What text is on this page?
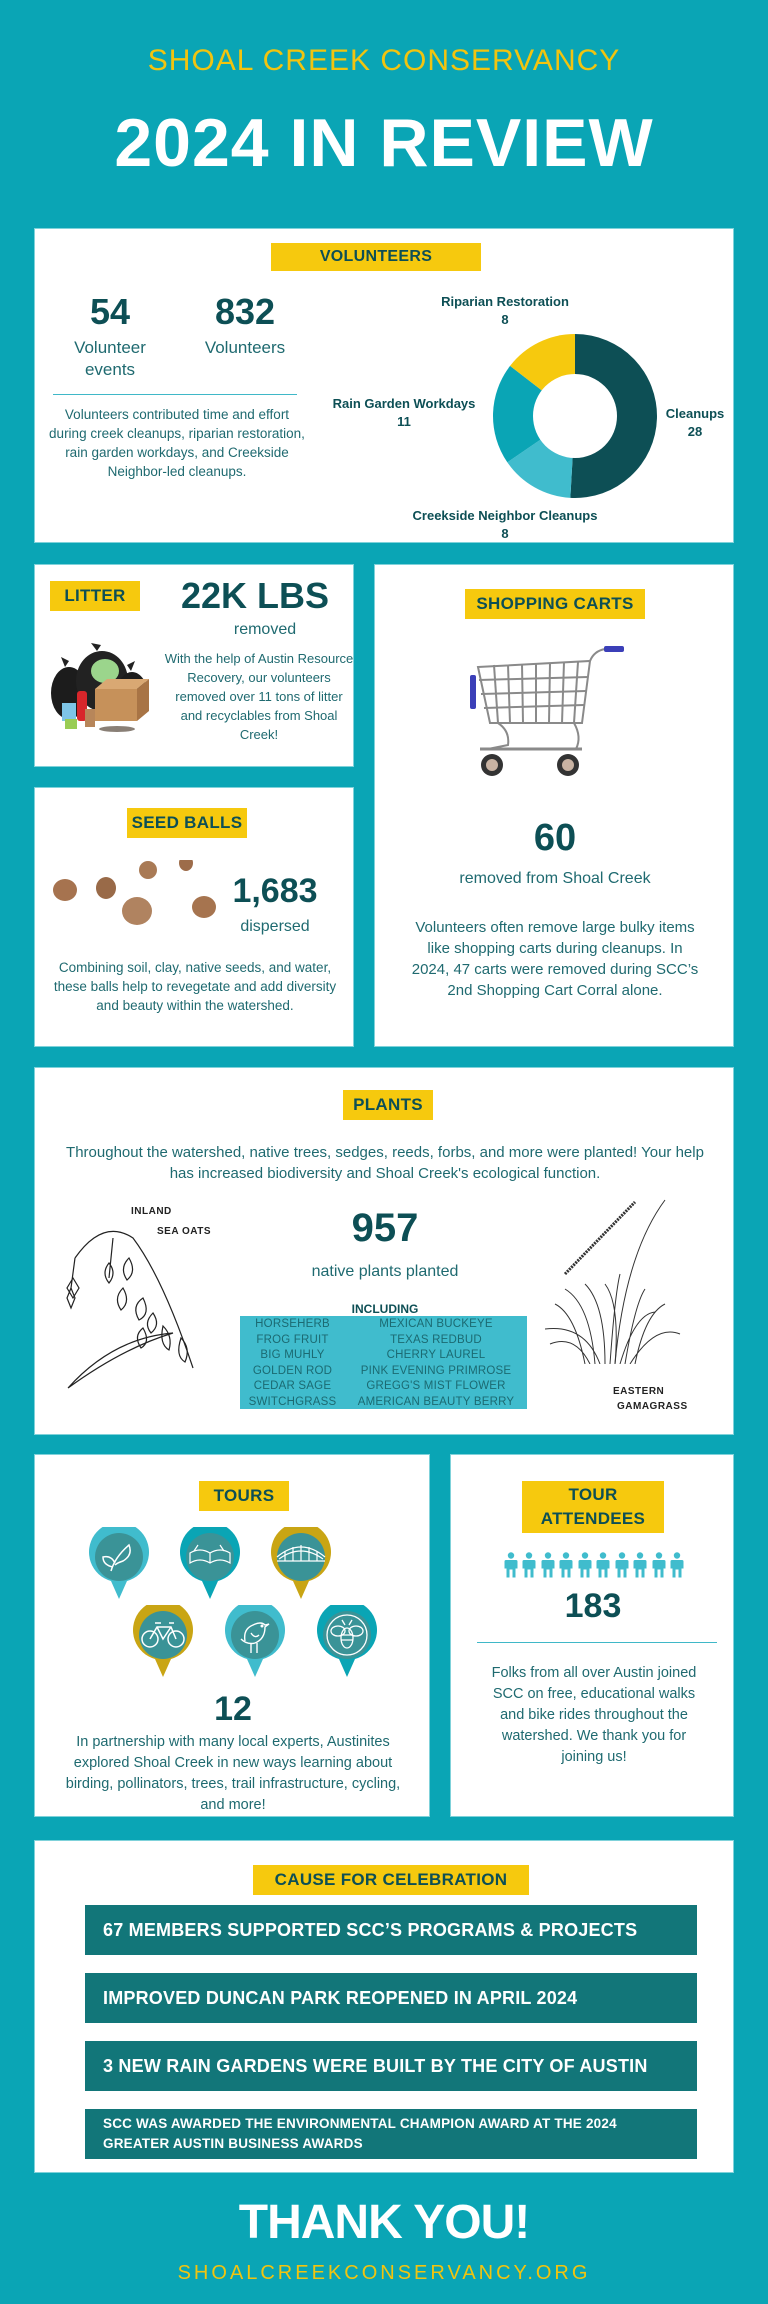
SHOAL CREEK CONSERVANCY
2024 IN REVIEW
VOLUNTEERS
54
Volunteer
events
832
Volunteers
Volunteers contributed time and effort during creek cleanups, riparian restoration, rain garden workdays, and Creekside Neighbor-led cleanups.
Riparian Restoration
8
Rain Garden Workdays
11
Cleanups
28
Creekside Neighbor Cleanups
8
LITTER	22K LBS
removed
With the help of Austin Resource Recovery, our volunteers removed over 11 tons of litter and recyclables from Shoal Creek!
SHOPPING CARTS
60
removed from Shoal Creek
Volunteers often remove large bulky items like shopping carts during cleanups. In 2024, 47 carts were removed during SCC’s 2nd Shopping Cart Corral alone.
SEED BALLS
1,683
dispersed
Combining soil, clay, native seeds, and water, these balls help to revegetate and add diversity and beauty within the watershed.
PLANTS
Throughout the watershed, native trees, sedges, reeds, forbs, and more were planted! Your help has increased biodiversity and Shoal Creek's ecological function.
957
native plants planted
INCLUDING
INLAND
SEA OATS
EASTERN
GAMAGRASS
HORSEHERB
FROG FRUIT
BIG MUHLY
GOLDEN ROD
CEDAR SAGE
SWITCHGRASS
MEXICAN BUCKEYE
TEXAS REDBUD
CHERRY LAUREL
PINK EVENING PRIMROSE
GREGG'S MIST FLOWER
AMERICAN BEAUTY BERRY
TOURS
12
In partnership with many local experts, Austinites explored Shoal Creek in new ways learning about birding, pollinators, trees, trail infrastructure, cycling, and more!
TOUR
ATTENDEES
183
Folks from all over Austin joined SCC on free, educational walks and bike rides throughout the watershed. We thank you for joining us!
CAUSE FOR CELEBRATION
67 MEMBERS SUPPORTED SCC’S PROGRAMS & PROJECTS
IMPROVED DUNCAN PARK REOPENED IN APRIL 2024
3 NEW RAIN GARDENS WERE BUILT BY THE CITY OF AUSTIN
SCC WAS AWARDED THE ENVIRONMENTAL CHAMPION AWARD AT THE 2024 GREATER AUSTIN BUSINESS AWARDS
THANK YOU!
SHOALCREEKCONSERVANCY.ORG
